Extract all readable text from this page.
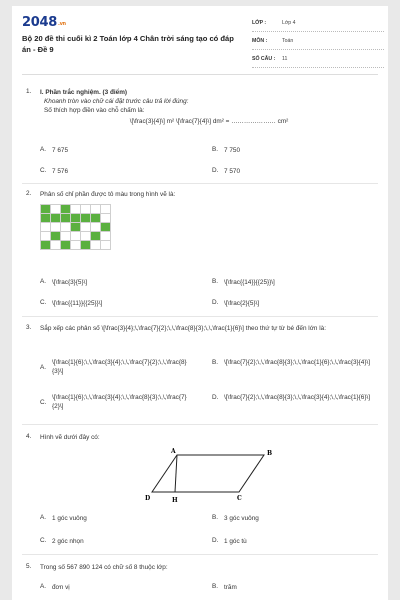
2048.vn
Bộ 20 đề thi cuối kì 2 Toán lớp 4 Chân trời sáng tạo có đáp án - Đề 9
LỚP :	Lớp 4
MÔN :	Toán
SỐ CÂU :	11
1. I. Phần trắc nghiệm. (3 điểm)
Khoanh tròn vào chữ cái đặt trước câu trả lời đúng:
Số thích hợp điền vào chỗ chấm là:
\[\frac{3}{4}\] m² \[\frac{7}{4}\] dm² = ………………… cm²
A. 7 675	B. 7 750
C. 7 576	D. 7 570
2. Phân số chỉ phần được tô màu trong hình vẽ là:

A. \[\frac{3}{5}\]	B. \[\frac{{14}}{{25}}\]
C. \[\frac{{11}}{{25}}\]	D. \[\frac{2}{5}\]
3. Sắp xếp các phân số \[\frac{3}{4};\,\frac{7}{2};\,\,\frac{8}{3};\,\,\frac{1}{6}\] theo thứ tự từ bé đến lớn là:
A.
\[\frac{1}{6};\,\,\frac{3}{4};\,\,\frac{7}{2};\,\,\frac{8}{3}\]
B. \[\frac{7}{2};\,\,\frac{8}{3};\,\,\frac{1}{6};\,\,\frac{3}{4}\]
C.
\[\frac{1}{6};\,\,\frac{3}{4};\,\,\frac{8}{3};\,\,\frac{7}{2}\]
D. \[\frac{7}{2};\,\,\frac{8}{3};\,\,\frac{3}{4};\,\,\frac{1}{6}\]
4. Hình vẽ dưới đây có:
A	B
C
D	H
A. 1 góc vuông	B. 3 góc vuông
C. 2 góc nhọn	D. 1 góc tù
5. Trong số 567 890 124 có chữ số 8 thuộc lớp:
A. đơn vị	B. trăm
